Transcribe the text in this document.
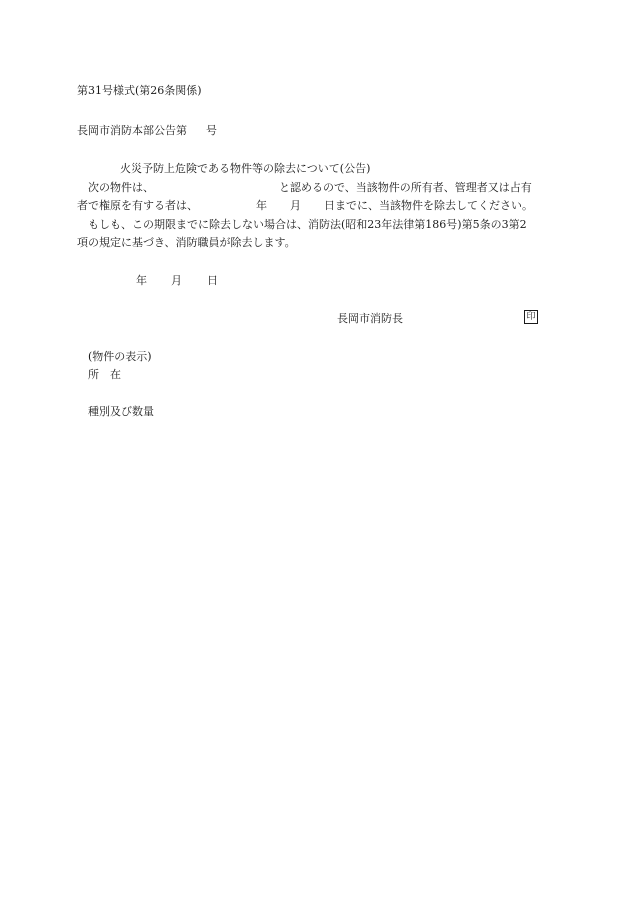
第31号様式(第26条関係)
長岡市消防本部公告第 号
火災予防上危険である物件等の除去について(公告)
次の物件は、	と認めるので、当該物件の所有者、管理者又は占有
者で権原を有する者は、	年 月 日までに、当該物件を除去してください。
もしも、この期限までに除去しない場合は、消防法(昭和23年法律第186号)第5条の3第2
項の規定に基づき、消防職員が除去します。
年 月 日
長岡市消防長	印
(物件の表示)
所　在
種別及び数量
